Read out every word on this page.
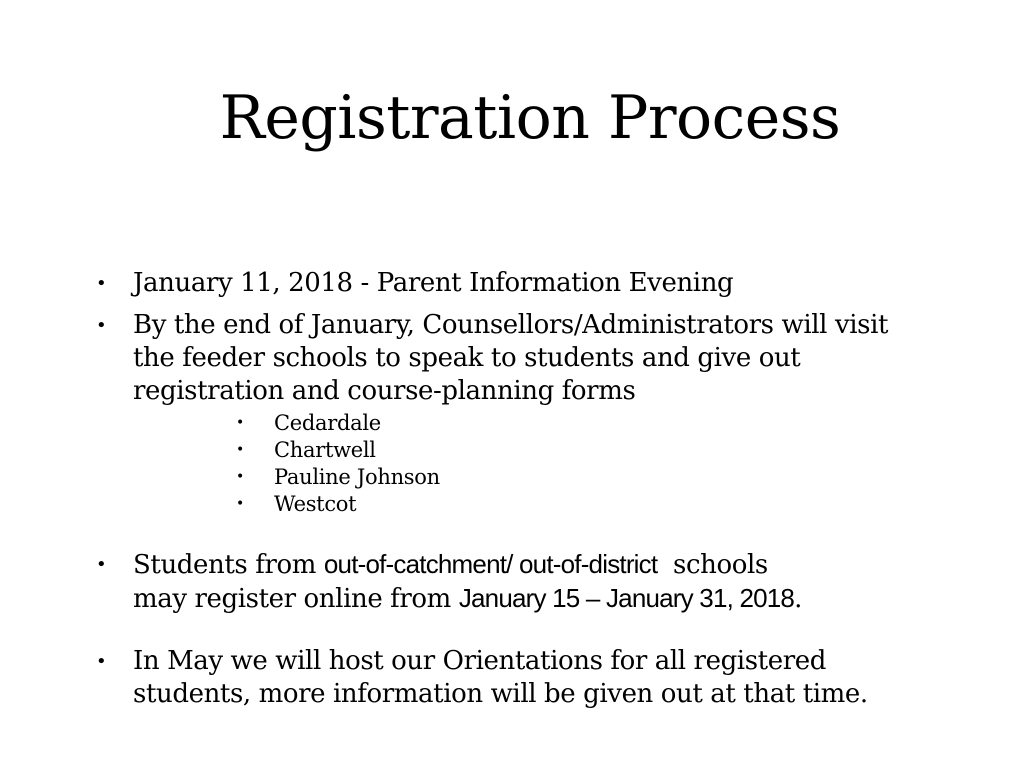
Registration Process
•	January 11, 2018 - Parent Information Evening
•	By the end of January, Counsellors/Administrators will visit
the feeder schools to speak to students and give out
registration and course-planning forms
• Cedardale
• Chartwell
• Pauline Johnson
• Westcot
•	Students from out-of-catchment/ out-of-district  schools
may register online from January 15 – January 31, 2018.
•	In May we will host our Orientations for all registered
students, more information will be given out at that time.
